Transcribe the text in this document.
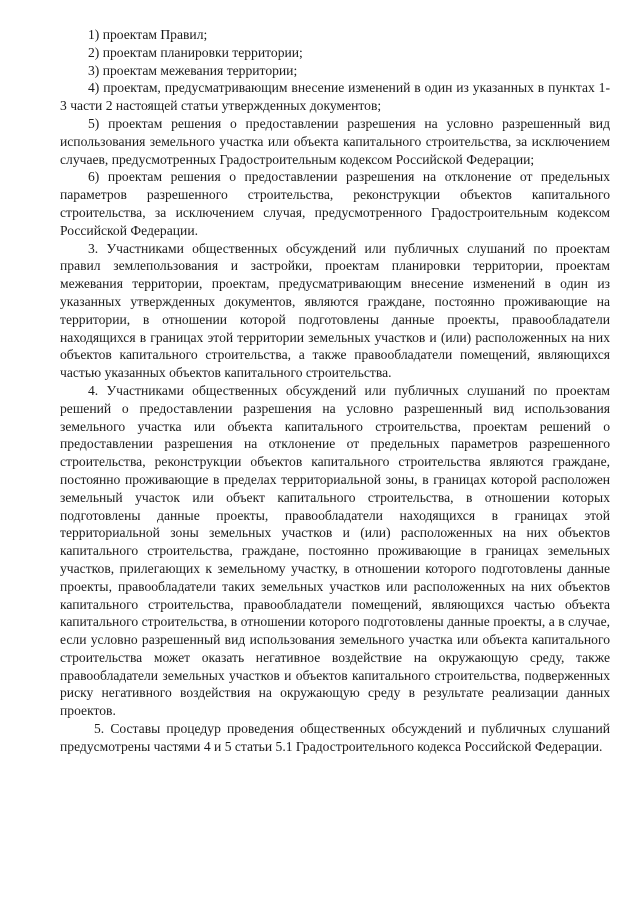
1) проектам Правил;

2) проектам планировки территории;

3) проектам межевания территории;

4) проектам, предусматривающим внесение изменений в один из указанных в пунктах 1-3 части 2 настоящей статьи утвержденных документов;

5) проектам решения о предоставлении разрешения на условно разрешенный вид использования земельного участка или объекта капитального строительства, за исключением случаев, предусмотренных Градостроительным кодексом Российской Федерации;

6) проектам решения о предоставлении разрешения на отклонение от предельных параметров разрешенного строительства, реконструкции объектов капитального строительства, за исключением случая, предусмотренного Градостроительным кодексом Российской Федерации.

3. Участниками общественных обсуждений или публичных слушаний по проектам правил землепользования и застройки, проектам планировки территории, проектам межевания территории, проектам, предусматривающим внесение изменений в один из указанных утвержденных документов, являются граждане, постоянно проживающие на территории, в отношении которой подготовлены данные проекты, правообладатели находящихся в границах этой территории земельных участков и (или) расположенных на них объектов капитального строительства, а также правообладатели помещений, являющихся частью указанных объектов капитального строительства.

4. Участниками общественных обсуждений или публичных слушаний по проектам решений о предоставлении разрешения на условно разрешенный вид использования земельного участка или объекта капитального строительства, проектам решений о предоставлении разрешения на отклонение от предельных параметров разрешенного строительства, реконструкции объектов капитального строительства являются граждане, постоянно проживающие в пределах территориальной зоны, в границах которой расположен земельный участок или объект капитального строительства, в отношении которых подготовлены данные проекты, правообладатели находящихся в границах этой территориальной зоны земельных участков и (или) расположенных на них объектов капитального строительства, граждане, постоянно проживающие в границах земельных участков, прилегающих к земельному участку, в отношении которого подготовлены данные проекты, правообладатели таких земельных участков или расположенных на них объектов капитального строительства, правообладатели помещений, являющихся частью объекта капитального строительства, в отношении которого подготовлены данные проекты, а в случае, если условно разрешенный вид использования земельного участка или объекта капитального строительства может оказать негативное воздействие на окружающую среду, также правообладатели земельных участков и объектов капитального строительства, подверженных риску негативного воздействия на окружающую среду в результате реализации данных проектов.

5. Составы процедур проведения общественных обсуждений и публичных слушаний предусмотрены частями 4 и 5 статьи 5.1 Градостроительного кодекса Российской Федерации.
